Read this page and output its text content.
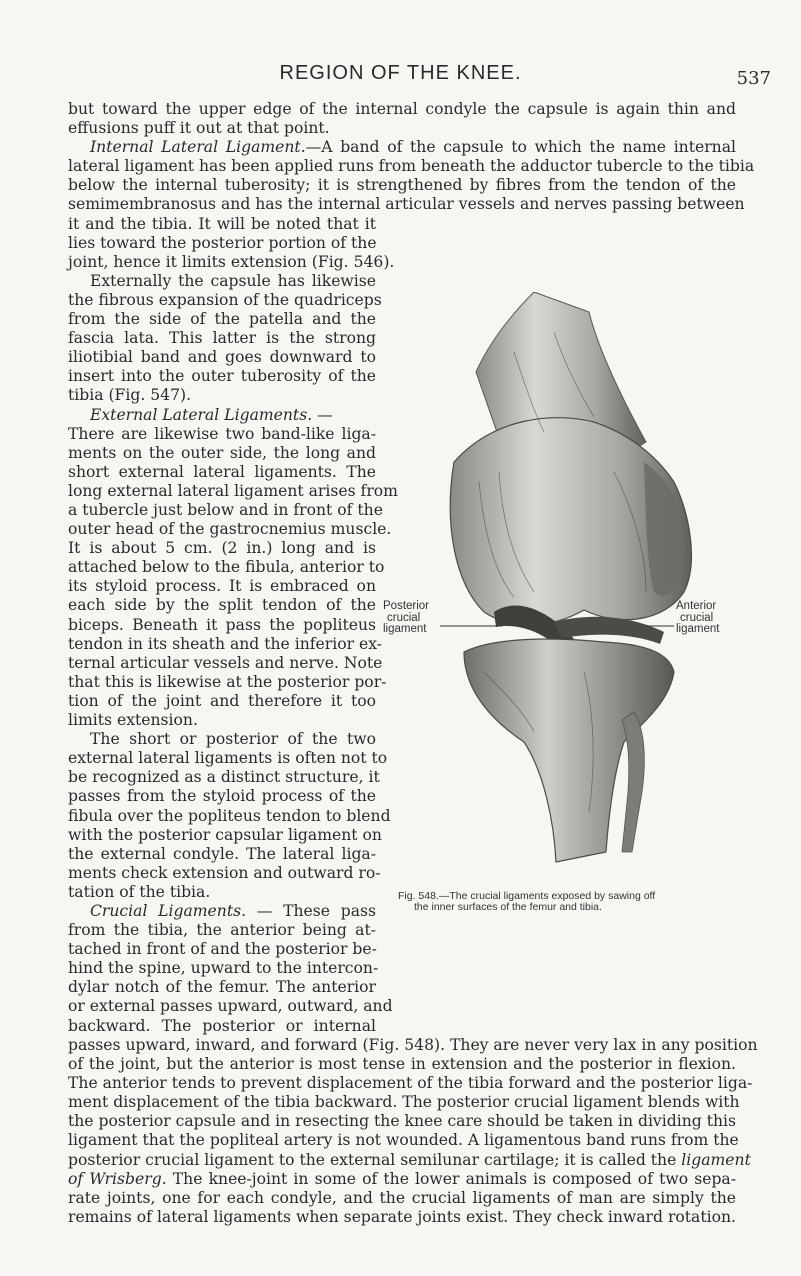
REGION OF THE KNEE.	537
but toward the upper edge of the internal condyle the capsule is again thin and
effusions puff it out at that point.
Internal Lateral Ligament.—A band of the capsule to which the name internal
lateral ligament has been applied runs from beneath the adductor tubercle to the tibia
below the internal tuberosity; it is strengthened by fibres from the tendon of the
semimembranosus and has the internal articular vessels and nerves passing between
it and the tibia. It will be noted that it
lies toward the posterior portion of the
joint, hence it limits extension (Fig. 546).
Externally the capsule has likewise
the fibrous expansion of the quadriceps
from the side of the patella and the
fascia lata. This latter is the strong
iliotibial band and goes downward to
insert into the outer tuberosity of the
tibia (Fig. 547).
External Lateral Ligaments. —
There are likewise two band-like liga-
ments on the outer side, the long and
short external lateral ligaments. The
long external lateral ligament arises from
a tubercle just below and in front of the
outer head of the gastrocnemius muscle.
It is about 5 cm. (2 in.) long and is
attached below to the fibula, anterior to
its styloid process. It is embraced on
each side by the split tendon of the
biceps. Beneath it pass the popliteus
tendon in its sheath and the inferior ex-
ternal articular vessels and nerve. Note
that this is likewise at the posterior por-
tion of the joint and therefore it too
limits extension.
The short or posterior of the two
external lateral ligaments is often not to
be recognized as a distinct structure, it
passes from the styloid process of the
fibula over the popliteus tendon to blend
with the posterior capsular ligament on
the external condyle. The lateral liga-
ments check extension and outward ro-
tation of the tibia.
Crucial Ligaments. — These pass
from the tibia, the anterior being at-
tached in front of and the posterior be-
hind the spine, upward to the intercon-
dylar notch of the femur. The anterior
or external passes upward, outward, and
backward. The posterior or internal
Posterior
crucial
ligament
Anterior
crucial
ligament
Fig. 548.—The crucial ligaments exposed by sawing off
the inner surfaces of the femur and tibia.
passes upward, inward, and forward (Fig. 548). They are never very lax in any position
of the joint, but the anterior is most tense in extension and the posterior in flexion.
The anterior tends to prevent displacement of the tibia forward and the posterior liga-
ment displacement of the tibia backward. The posterior crucial ligament blends with
the posterior capsule and in resecting the knee care should be taken in dividing this
ligament that the popliteal artery is not wounded. A ligamentous band runs from the
posterior crucial ligament to the external semilunar cartilage; it is called the ligament
of Wrisberg. The knee-joint in some of the lower animals is composed of two sepa-
rate joints, one for each condyle, and the crucial ligaments of man are simply the
remains of lateral ligaments when separate joints exist. They check inward rotation.
